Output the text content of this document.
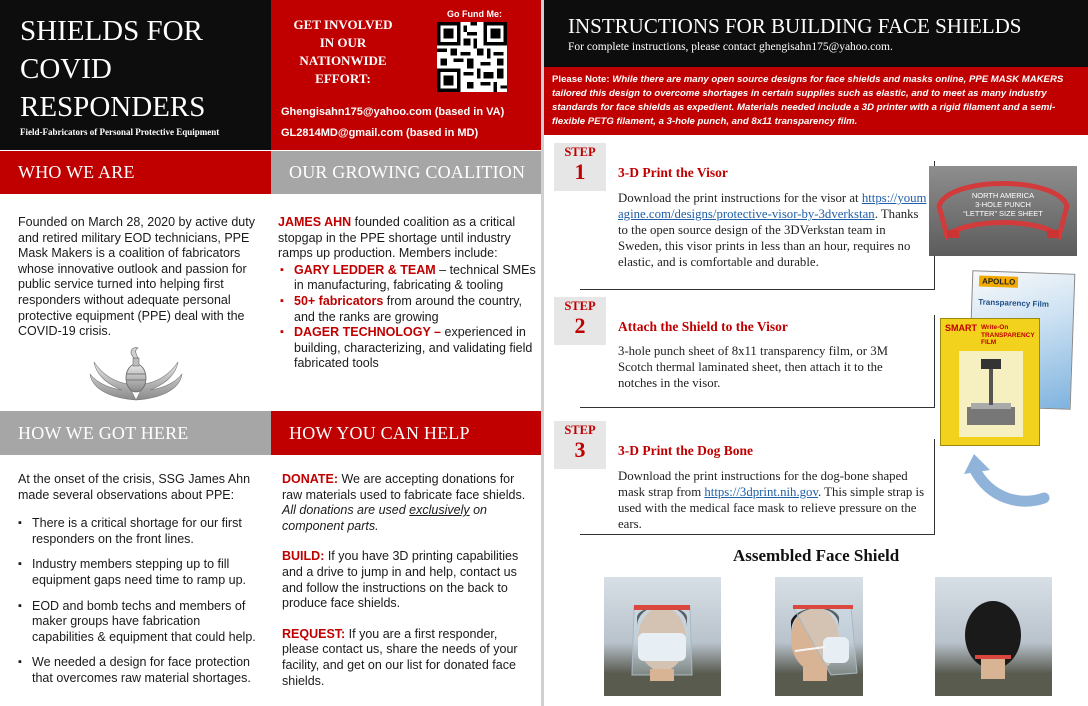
SHIELDS FOR
COVID
RESPONDERS
Field-Fabricators of Personal Protective Equipment
GET INVOLVED
IN OUR
NATIONWIDE
EFFORT:
Go Fund Me:
Ghengisahn175@yahoo.com (based in VA)
GL2814MD@gmail.com (based in MD)
WHO WE ARE
Founded on March 28, 2020 by active duty and retired military EOD technicians, PPE Mask Makers is a coalition of fabricators whose innovative outlook and passion for public service turned into helping first responders without adequate personal protective equipment (PPE) deal with the COVID-19 crisis.
OUR GROWING COALITION
JAMES AHN founded coalition as a critical stopgap in the PPE shortage until industry ramps up production. Members include:
▪ GARY LEDDER & TEAM – technical SMEs in manufacturing, fabricating & tooling
▪ 50+ fabricators from around the country, and the ranks are growing
▪ DAGER TECHNOLOGY – experienced in building, characterizing, and validating field fabricated tools
HOW WE GOT HERE
At the onset of the crisis, SSG James Ahn made several observations about PPE:
▪ There is a critical shortage for our first responders on the front lines.
▪ Industry members stepping up to fill equipment gaps need time to ramp up.
▪ EOD and bomb techs and members of maker groups have fabrication capabilities & equipment that could help.
▪ We needed a design for face protection that overcomes raw material shortages.
HOW YOU CAN HELP
DONATE: We are accepting donations for raw materials used to fabricate face shields.
All donations are used exclusively on component parts.
BUILD: If you have 3D printing capabilities and a drive to jump in and help, contact us and follow the instructions on the back to produce face shields.
REQUEST: If you are a first responder, please contact us, share the needs of your facility, and get on our list for donated face shields.
INSTRUCTIONS FOR BUILDING FACE SHIELDS
For complete instructions, please contact ghengisahn175@yahoo.com.
Please Note: While there are many open source designs for face shields and masks online, PPE MASK MAKERS tailored this design to overcome shortages in certain supplies such as elastic, and to meet as many industry standards for face shields as expedient. Materials needed include a 3D printer with a rigid filament and a semi-flexible PETG filament, a 3-hole punch, and 8x11 transparency film.
STEP
1 3-D Print the Visor
Download the print instructions for the visor at https://youmagine.com/designs/protective-visor-by-3dverkstan. Thanks to the open source design of the 3DVerkstan team in Sweden, this visor prints in less than an hour, requires no elastic, and is comfortable and durable.
NORTH AMERICA
3-HOLE PUNCH
“LETTER” SIZE SHEET
STEP
2 Attach the Shield to the Visor
3-hole punch sheet of 8x11 transparency film, or 3M Scotch thermal laminated sheet, then attach it to the notches in the visor.
APOLLO
Transparency Film
SMART Write-On TRANSPARENCY FILM
STEP
3 3-D Print the Dog Bone
Download the print instructions for the dog-bone shaped mask strap from https://3dprint.nih.gov. This simple strap is used with the medical face mask to relieve pressure on the ears.
Assembled Face Shield
